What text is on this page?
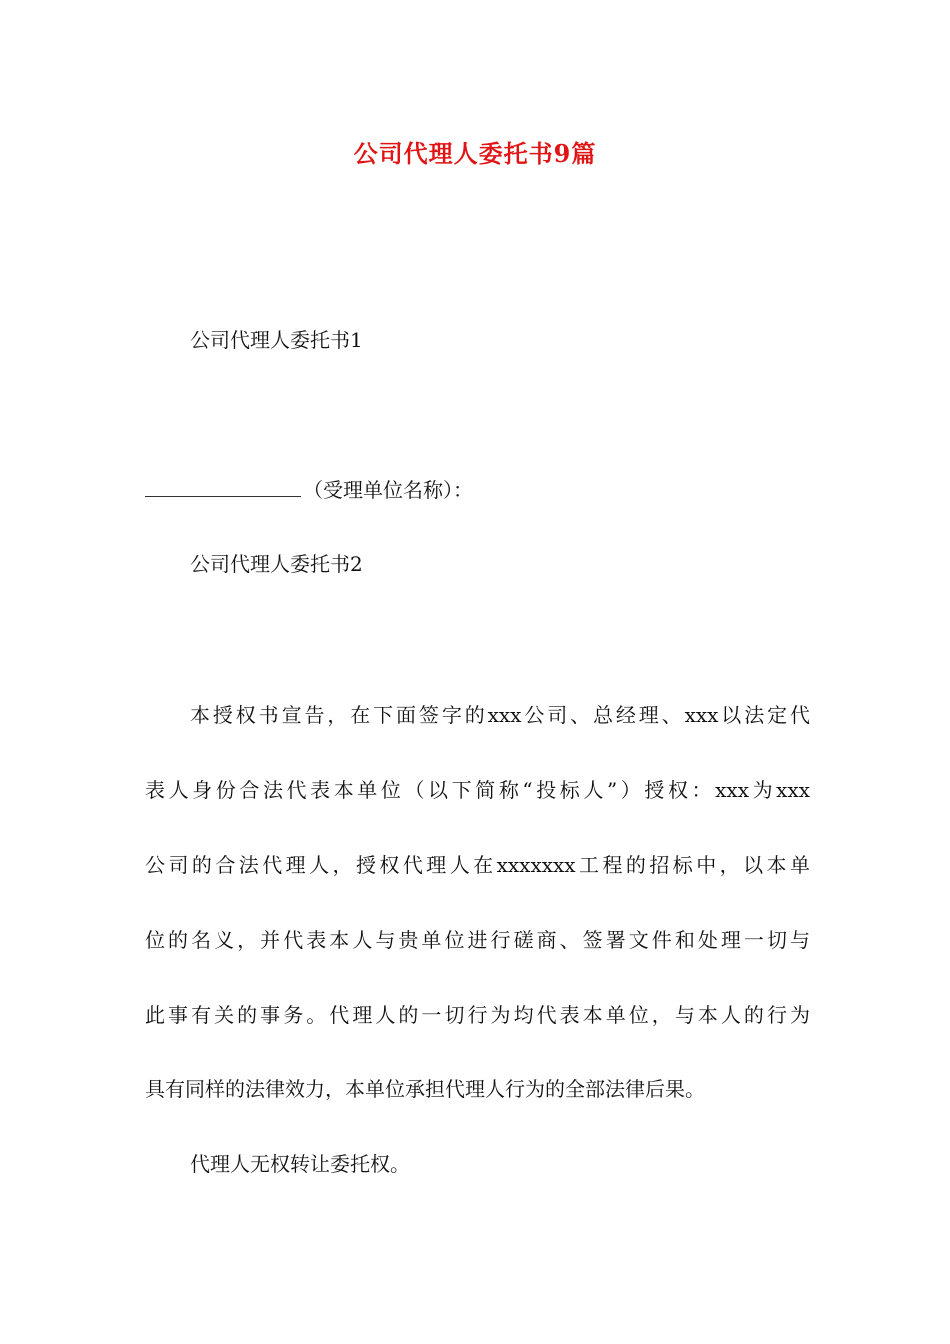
公司代理人委托书9篇
公司代理人委托书1
（受理单位名称）：
公司代理人委托书2
本授权书宣告，在下面签字的xxx公司、总经理、xxx以法定代
表人身份合法代表本单位（以下简称“投标人”）授权：xxx为xxx
公司的合法代理人，授权代理人在xxxxxxx工程的招标中，以本单
位的名义，并代表本人与贵单位进行磋商、签署文件和处理一切与
此事有关的事务。代理人的一切行为均代表本单位，与本人的行为
具有同样的法律效力，本单位承担代理人行为的全部法律后果。
代理人无权转让委托权。
